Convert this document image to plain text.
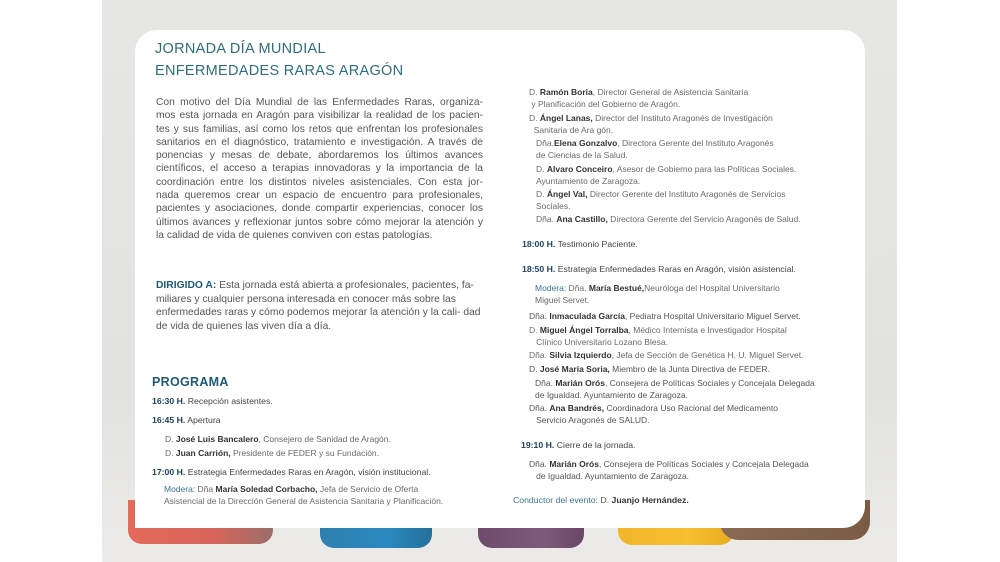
JORNADA DÍA MUNDIAL
ENFERMEDADES RARAS ARAGÓN
Con motivo del Día Mundial de las Enfermedades Raras, organiza- mos esta jornada en Aragón para visibilizar la realidad de los pacien- tes y sus familias, así como los retos que enfrentan los profesionales sanitarios en el diagnóstico, tratamiento e investigación. A través de ponencias y mesas de debate, abordaremos los últimos avances científicos, el acceso a terapias innovadoras y la importancia de la coordinación entre los distintos niveles asistenciales. Con esta jor- nada queremos crear un espacio de encuentro para profesionales, pacientes y asociaciones, donde compartir experiencias, conocer los últimos avances y reflexionar juntos sobre cómo mejorar la atención y la calidad de vida de quienes conviven con estas patologías.
DIRIGIDO A: Esta jornada está abierta a profesionales, pacientes, fa- miliares y cualquier persona interesada en conocer más sobre las enfermedades raras y cómo podemos mejorar la atención y la cali- dad de vida de quienes las viven día a día.
PROGRAMA
16:30 H. Recepción asistentes.
16:45 H. Apertura
D. José Luis Bancalero, Consejero de Sanidad de Aragón.
D. Juan Carrión, Presidente de FEDER y su Fundación.
17:00 H. Estrategia Enfermedades Raras en Aragón, visión institucional.
Modera: Dña María Soledad Corbacho, Jefa de Servicio de Oferta
Asistencial de la Dirección General de Asistencia Sanitaria y Planificación.
D. Ramón Boria, Director General de Asistencia Sanitaria
y Planificación del Gobierno de Aragón.
D. Ángel Lanas, Director del Instituto Aragonés de Investigación
Sanitaria de Ara gón.
Dña.Elena Gonzalvo, Directora Gerente del Instituto Aragonés
de Ciencias de la Salud.
D. Alvaro Conceiro, Asesor de Gobierno para las Políticas Sociales.
Ayuntamiento de Zaragoza.
D. Ángel Val, Director Gerente del Instituto Aragonés de Servicios
Sociales.
Dña. Ana Castillo, Directora Gerente del Servicio Aragonés de Salud.
18:00 H. Testimonio Paciente.
18:50 H. Estrategia Enfermedades Raras en Aragón, visión asistencial.
Modera: Dña. María Bestué,Neuróloga del Hospital Universitario
Miguel Servet.
Dña. Inmaculada García, Pediatra Hospital Universitario Miguel Servet.
D. Miguel Ángel Torralba, Médico Internista e Investigador Hospital
Clínico Universitario Lozano Blesa.
Dña. Silvia Izquierdo, Jefa de Sección de Genética H. U. Miguel Servet.
D. José María Soria, Miembro de la Junta Directiva de FEDER.
Dña. Marián Orós, Consejera de Políticas Sociales y Concejala Delegada
de Igualdad. Ayuntamiento de Zaragoza.
Dña. Ana Bandrés, Coordinadora Uso Racional del Medicamento
Servicio Aragonés de SALUD.
19:10 H. Cierre de la jornada.
Dña. Marián Orós, Consejera de Políticas Sociales y Concejala Delegada
de Igualdad. Ayuntamiento de Zaragoza.
Conductor del evento: D. Juanjo Hernández.
